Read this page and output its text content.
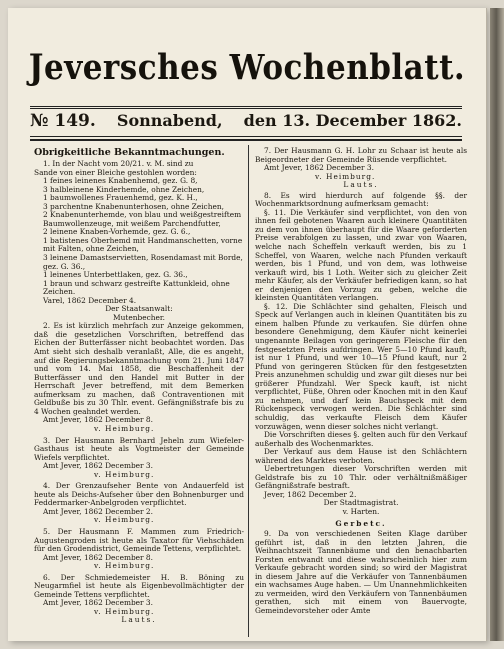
Jeversches Wochenblatt.
№ 149. Sonnabend, den 13. December 1862.
Obrigkeitliche Bekanntmachungen.

1. In der Nacht vom 20/21. v. M. sind zu

Sande von einer Bleiche gestohlen worden:

1 feines leinenes Knabenhemd, gez. G. 8,

3 halbleinene Kinderhemde, ohne Zeichen,

1 baumwollenes Frauenhemd, gez. K. H.,

3 parchentne Knabenunterhosen, ohne Zeichen,

2 Knabenunterhemde, von blau und weißgestreiftem

Baumwollenzeuge, mit weißem Parchendfutter,

2 leinene Knaben-Vorhemde, gez. G. 6.,

1 batistenes Oberhemd mit Handmanschetten, vorne

mit Falten, ohne Zeichen,

3 leinene Damastservietten, Rosendamast mit Borde,

gez. G. 36.,

1 leinenes Unterbettlaken, gez. G. 36.,

1 braun und schwarz gestreifte Kattunkleid, ohne

Zeichen.

Varel, 1862 December 4.

Der Staatsanwalt:

Mutenbecher.

2. Es ist kürzlich mehrfach zur Anzeige gekommen, daß die gesetzlichen Vorschriften, betreffend das Eichen der Butterfässer nicht beobachtet worden. Das Amt sieht sich deshalb veranlaßt, Alle, die es angeht, auf die Regierungsbekanntmachung vom 21. Juni 1847 und vom 14. Mai 1858, die Beschaffenheit der Butterfässer und den Handel mit Butter in der Herrschaft Jever betreffend, mit dem Bemerken aufmerksam zu machen, daß Contraventionen mit Geldbuße bis zu 30 Thlr. event. Gefängnißstrafe bis zu 4 Wochen geahndet werden.

Amt Jever, 1862 December 8.

v. Heimburg.

3. Der Hausmann Bernhard Jeheln zum Wiefeler-Gasthaus ist heute als Vogtmeister der Gemeinde Wiefels verpflichtet.

Amt Jever, 1862 December 3.

v. Heimburg.

4. Der Grenzaufseher Bente von Andauerfeld ist heute als Deichs-Aufseher über den Bohnenburger und Feddermarker-Anbelgroden verpflichtet.

Amt Jever, 1862 December 2.

v. Heimburg.

5. Der Hausmann F. Mammen zum Friedrich-Augustengroden ist heute als Taxator für Viehschäden für den Grodendistrict, Gemeinde Tettens, verpflichtet.

Amt Jever, 1862 December 8.

v. Heimburg.

6. Der Schmiedemeister H. B. Böning zu Neugarmfiel ist heute als Eigenbevollmächtigter der Gemeinde Tettens verpflichtet.

Amt Jever, 1862 December 3.

v. Heimburg.

Lauts.

7. Der Hausmann G. H. Lohr zu Schaar ist heute als Beigeordneter der Gemeinde Rüsende verpflichtet.

Amt Jever, 1862 December 3.

v. Heimburg.

Lauts.

8. Es wird hierdurch auf folgende §§. der Wochenmarktsordnung aufmerksam gemacht:

§. 11. Die Verkäufer sind verpflichtet, von den von ihnen feil gebotenen Waaren auch kleinere Quantitäten zu dem von ihnen überhaupt für die Waare geforderten Preise verabfolgen zu lassen, und zwar von Waaren, welche nach Scheffeln verkauft werden, bis zu 1 Scheffel, von Waaren, welche nach Pfunden verkauft werden, bis 1 Pfund, und von dem, was lothweise verkauft wird, bis 1 Loth. Weiter sich zu gleicher Zeit mehr Käufer, als der Verkäufer befriedigen kann, so hat er denjenigen den Vorzug zu geben, welche die kleinsten Quantitäten verlangen.

§. 12. Die Schlächter sind gehalten, Fleisch und Speck auf Verlangen auch in kleinen Quantitäten bis zu einem halben Pfunde zu verkaufen. Sie dürfen ohne besondere Genehmigung, dem Käufer nicht keinerlei ungenannte Beilagen von geringerem Fleische für den festgesetzten Preis aufdringen. Wer 5—10 Pfund kauft, ist nur 1 Pfund, und wer 10—15 Pfund kauft, nur 2 Pfund von geringeren Stücken für den festgesetzten Preis anzunehmen schuldig und zwar gilt dieses nur bei größerer Pfundzahl. Wer Speck kauft, ist nicht verpflichtet, Füße, Ohren oder Knochen mit in den Kauf zu nehmen, und darf kein Bauchspeck mit dem Rückenspeck verwogen werden. Die Schlächter sind schuldig, das verkaufte Fleisch dem Käufer vorzuwägen, wenn dieser solches nicht verlangt.

Die Vorschriften dieses §. gelten auch für den Verkauf außerhalb des Wochenmarktes.

Der Verkauf aus dem Hause ist den Schlächtern während des Marktes verboten.

Uebertretungen dieser Vorschriften werden mit Geldstrafe bis zu 10 Thlr. oder verhältnißmäßiger Gefängnißstrafe bestraft.

Jever, 1862 December 2.

Der Stadtmagistrat.

v. Harten.

Gerbetc.

9. Da von verschiedenen Seiten Klage darüber geführt ist, daß in den letzten Jahren, die Weihnachtszeit Tannenbäume und den benachbarten Forsten entwandt und diese wahrscheinlich hier zum Verkaufe gebracht worden sind; so wird der Magistrat in diesem Jahre auf die Verkäufer von Tannenbäumen ein wachsames Auge haben. — Um Unannehmlichkeiten zu vermeiden, wird den Verkäufern von Tannenbäumen gerathen, sich mit einem von Bauervogte, Gemeindevorsteher oder Amte
